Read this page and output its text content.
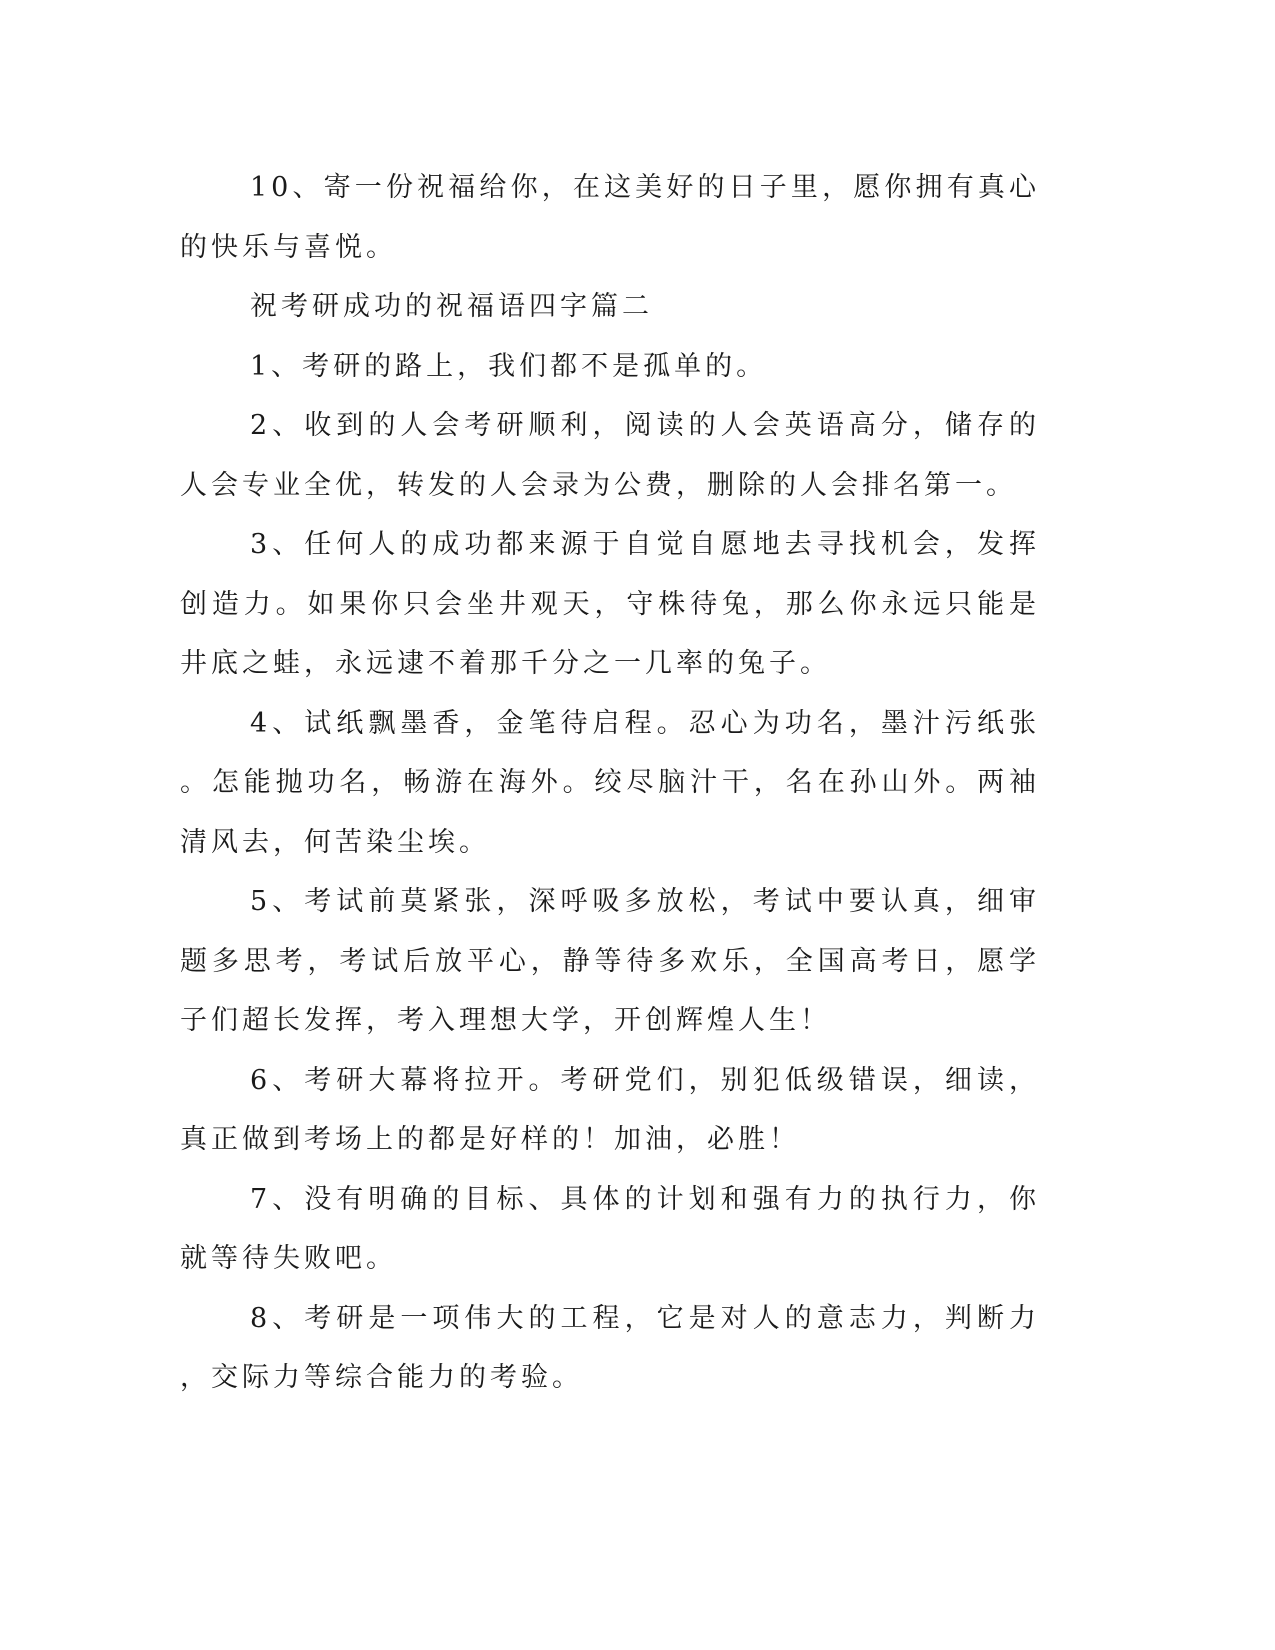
10、寄一份祝福给你，在这美好的日子里，愿你拥有真心的快乐与喜悦。

祝考研成功的祝福语四字篇二

1、考研的路上，我们都不是孤单的。

2、收到的人会考研顺利，阅读的人会英语高分，储存的人会专业全优，转发的人会录为公费，删除的人会排名第一。

3、任何人的成功都来源于自觉自愿地去寻找机会，发挥创造力。如果你只会坐井观天，守株待兔，那么你永远只能是井底之蛙，永远逮不着那千分之一几率的兔子。

4、试纸飘墨香，金笔待启程。忍心为功名，墨汁污纸张。怎能抛功名，畅游在海外。绞尽脑汁干，名在孙山外。两袖清风去，何苦染尘埃。

5、考试前莫紧张，深呼吸多放松，考试中要认真，细审题多思考，考试后放平心，静等待多欢乐，全国高考日，愿学子们超长发挥，考入理想大学，开创辉煌人生！

6、考研大幕将拉开。考研党们，别犯低级错误，细读，真正做到考场上的都是好样的！加油，必胜！

7、没有明确的目标、具体的计划和强有力的执行力，你就等待失败吧。

8、考研是一项伟大的工程，它是对人的意志力，判断力，交际力等综合能力的考验。
